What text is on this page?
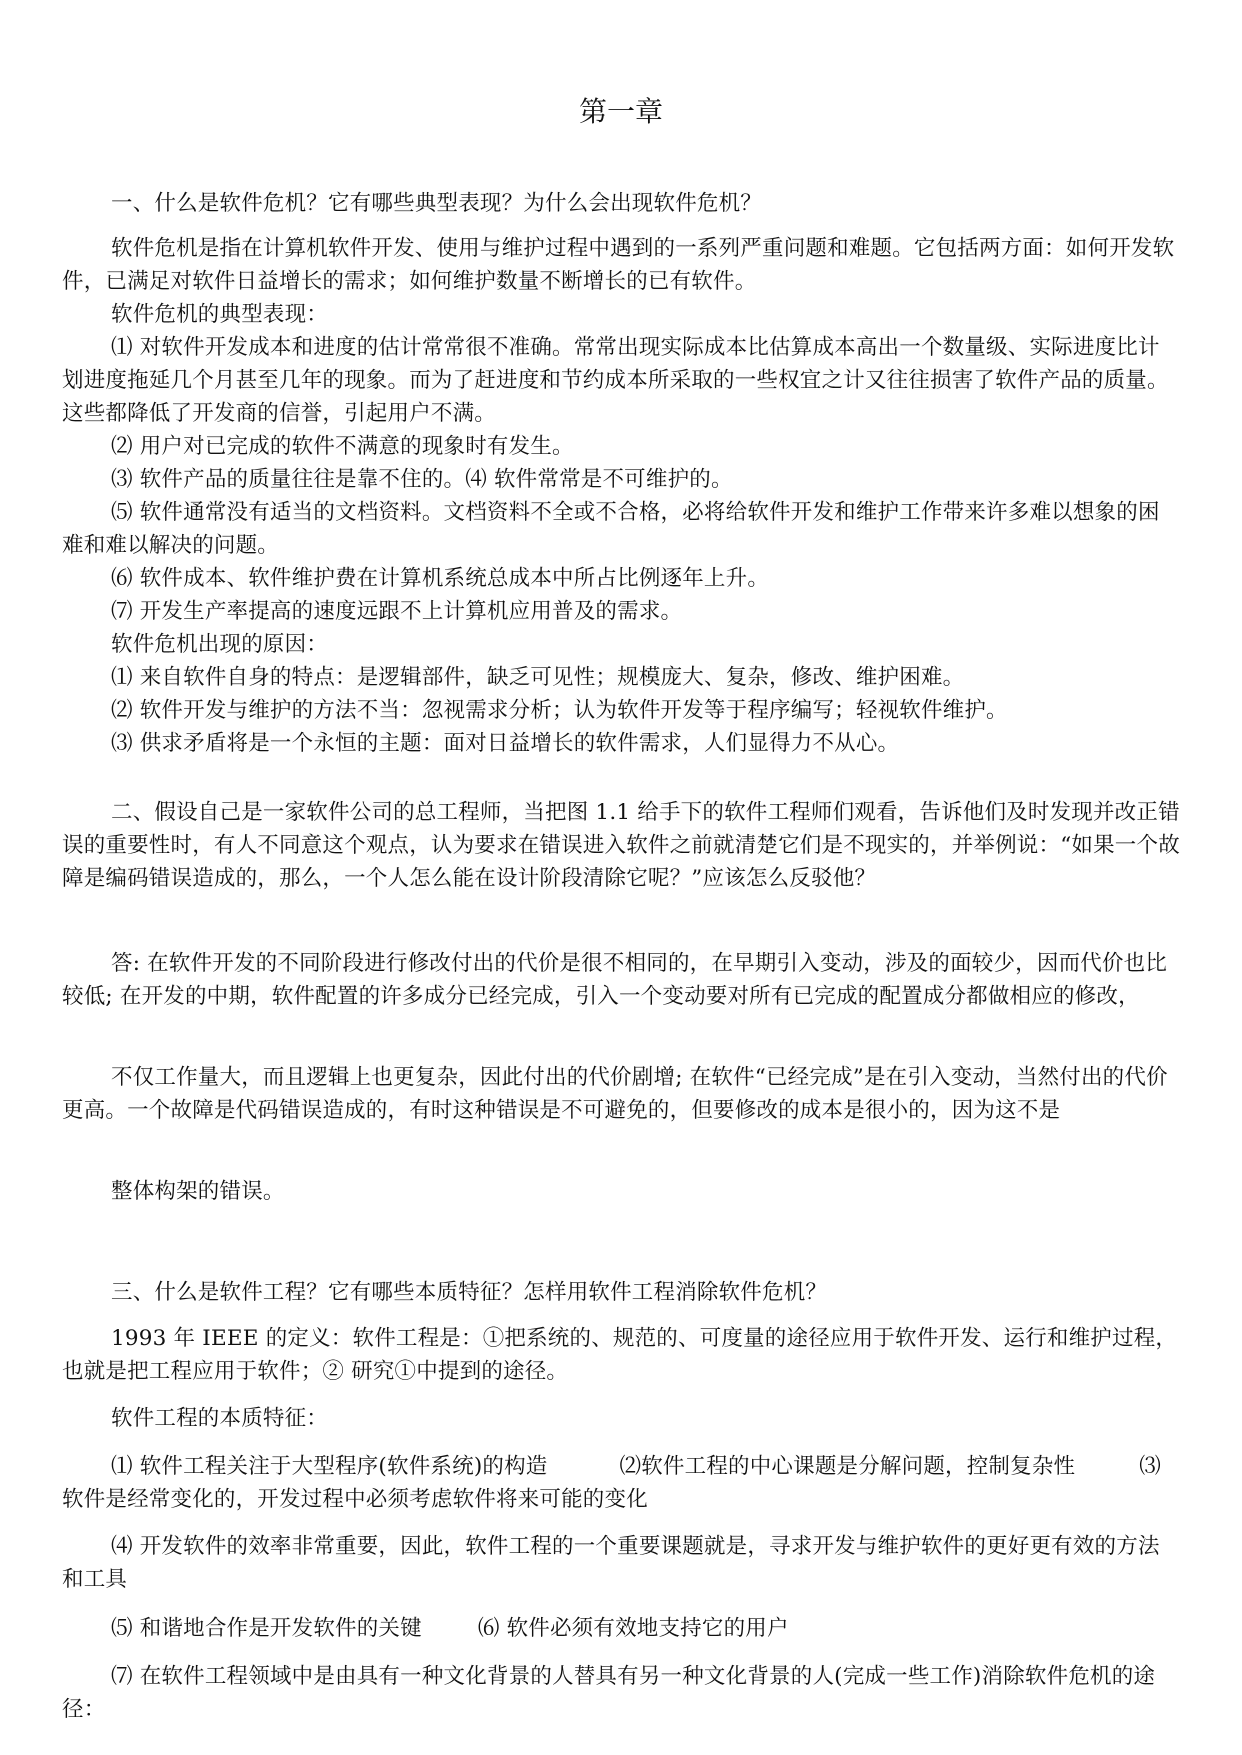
第一章

一、什么是软件危机？它有哪些典型表现？为什么会出现软件危机？

软件危机是指在计算机软件开发、使用与维护过程中遇到的一系列严重问题和难题。它包括两方面：如何开发软件，已满足对软件日益增长的需求；如何维护数量不断增长的已有软件。

软件危机的典型表现：

⑴ 对软件开发成本和进度的估计常常很不准确。常常出现实际成本比估算成本高出一个数量级、实际进度比计划进度拖延几个月甚至几年的现象。而为了赶进度和节约成本所采取的一些权宜之计又往往损害了软件产品的质量。这些都降低了开发商的信誉，引起用户不满。

⑵ 用户对已完成的软件不满意的现象时有发生。

⑶ 软件产品的质量往往是靠不住的。⑷ 软件常常是不可维护的。

⑸ 软件通常没有适当的文档资料。文档资料不全或不合格，必将给软件开发和维护工作带来许多难以想象的困难和难以解决的问题。

⑹ 软件成本、软件维护费在计算机系统总成本中所占比例逐年上升。

⑺ 开发生产率提高的速度远跟不上计算机应用普及的需求。

软件危机出现的原因：

⑴ 来自软件自身的特点：是逻辑部件，缺乏可见性；规模庞大、复杂，修改、维护困难。

⑵ 软件开发与维护的方法不当：忽视需求分析；认为软件开发等于程序编写；轻视软件维护。

⑶ 供求矛盾将是一个永恒的主题：面对日益增长的软件需求，人们显得力不从心。

二、假设自己是一家软件公司的总工程师，当把图 1.1 给手下的软件工程师们观看，告诉他们及时发现并改正错误的重要性时，有人不同意这个观点，认为要求在错误进入软件之前就清楚它们是不现实的，并举例说：“如果一个故障是编码错误造成的，那么，一个人怎么能在设计阶段清除它呢？”应该怎么反驳他？

答: 在软件开发的不同阶段进行修改付出的代价是很不相同的，在早期引入变动，涉及的面较少，因而代价也比较低; 在开发的中期，软件配置的许多成分已经完成，引入一个变动要对所有已完成的配置成分都做相应的修改，

不仅工作量大，而且逻辑上也更复杂，因此付出的代价剧增; 在软件“已经完成”是在引入变动，当然付出的代价更高。一个故障是代码错误造成的，有时这种错误是不可避免的，但要修改的成本是很小的，因为这不是

整体构架的错误。

三、什么是软件工程？它有哪些本质特征？怎样用软件工程消除软件危机？

1993 年 IEEE 的定义：软件工程是：①把系统的、规范的、可度量的途径应用于软件开发、运行和维护过程，也就是把工程应用于软件；② 研究①中提到的途径。

软件工程的本质特征：

⑴ 软件工程关注于大型程序(软件系统)的构造	⑵软件工程的中心课题是分解问题，控制复杂性	⑶ 软件是经常变化的，开发过程中必须考虑软件将来可能的变化

⑷ 开发软件的效率非常重要，因此，软件工程的一个重要课题就是，寻求开发与维护软件的更好更有效的方法和工具

⑸ 和谐地合作是开发软件的关键	⑹ 软件必须有效地支持它的用户

⑺ 在软件工程领域中是由具有一种文化背景的人替具有另一种文化背景的人(完成一些工作)消除软件危机的途径：
